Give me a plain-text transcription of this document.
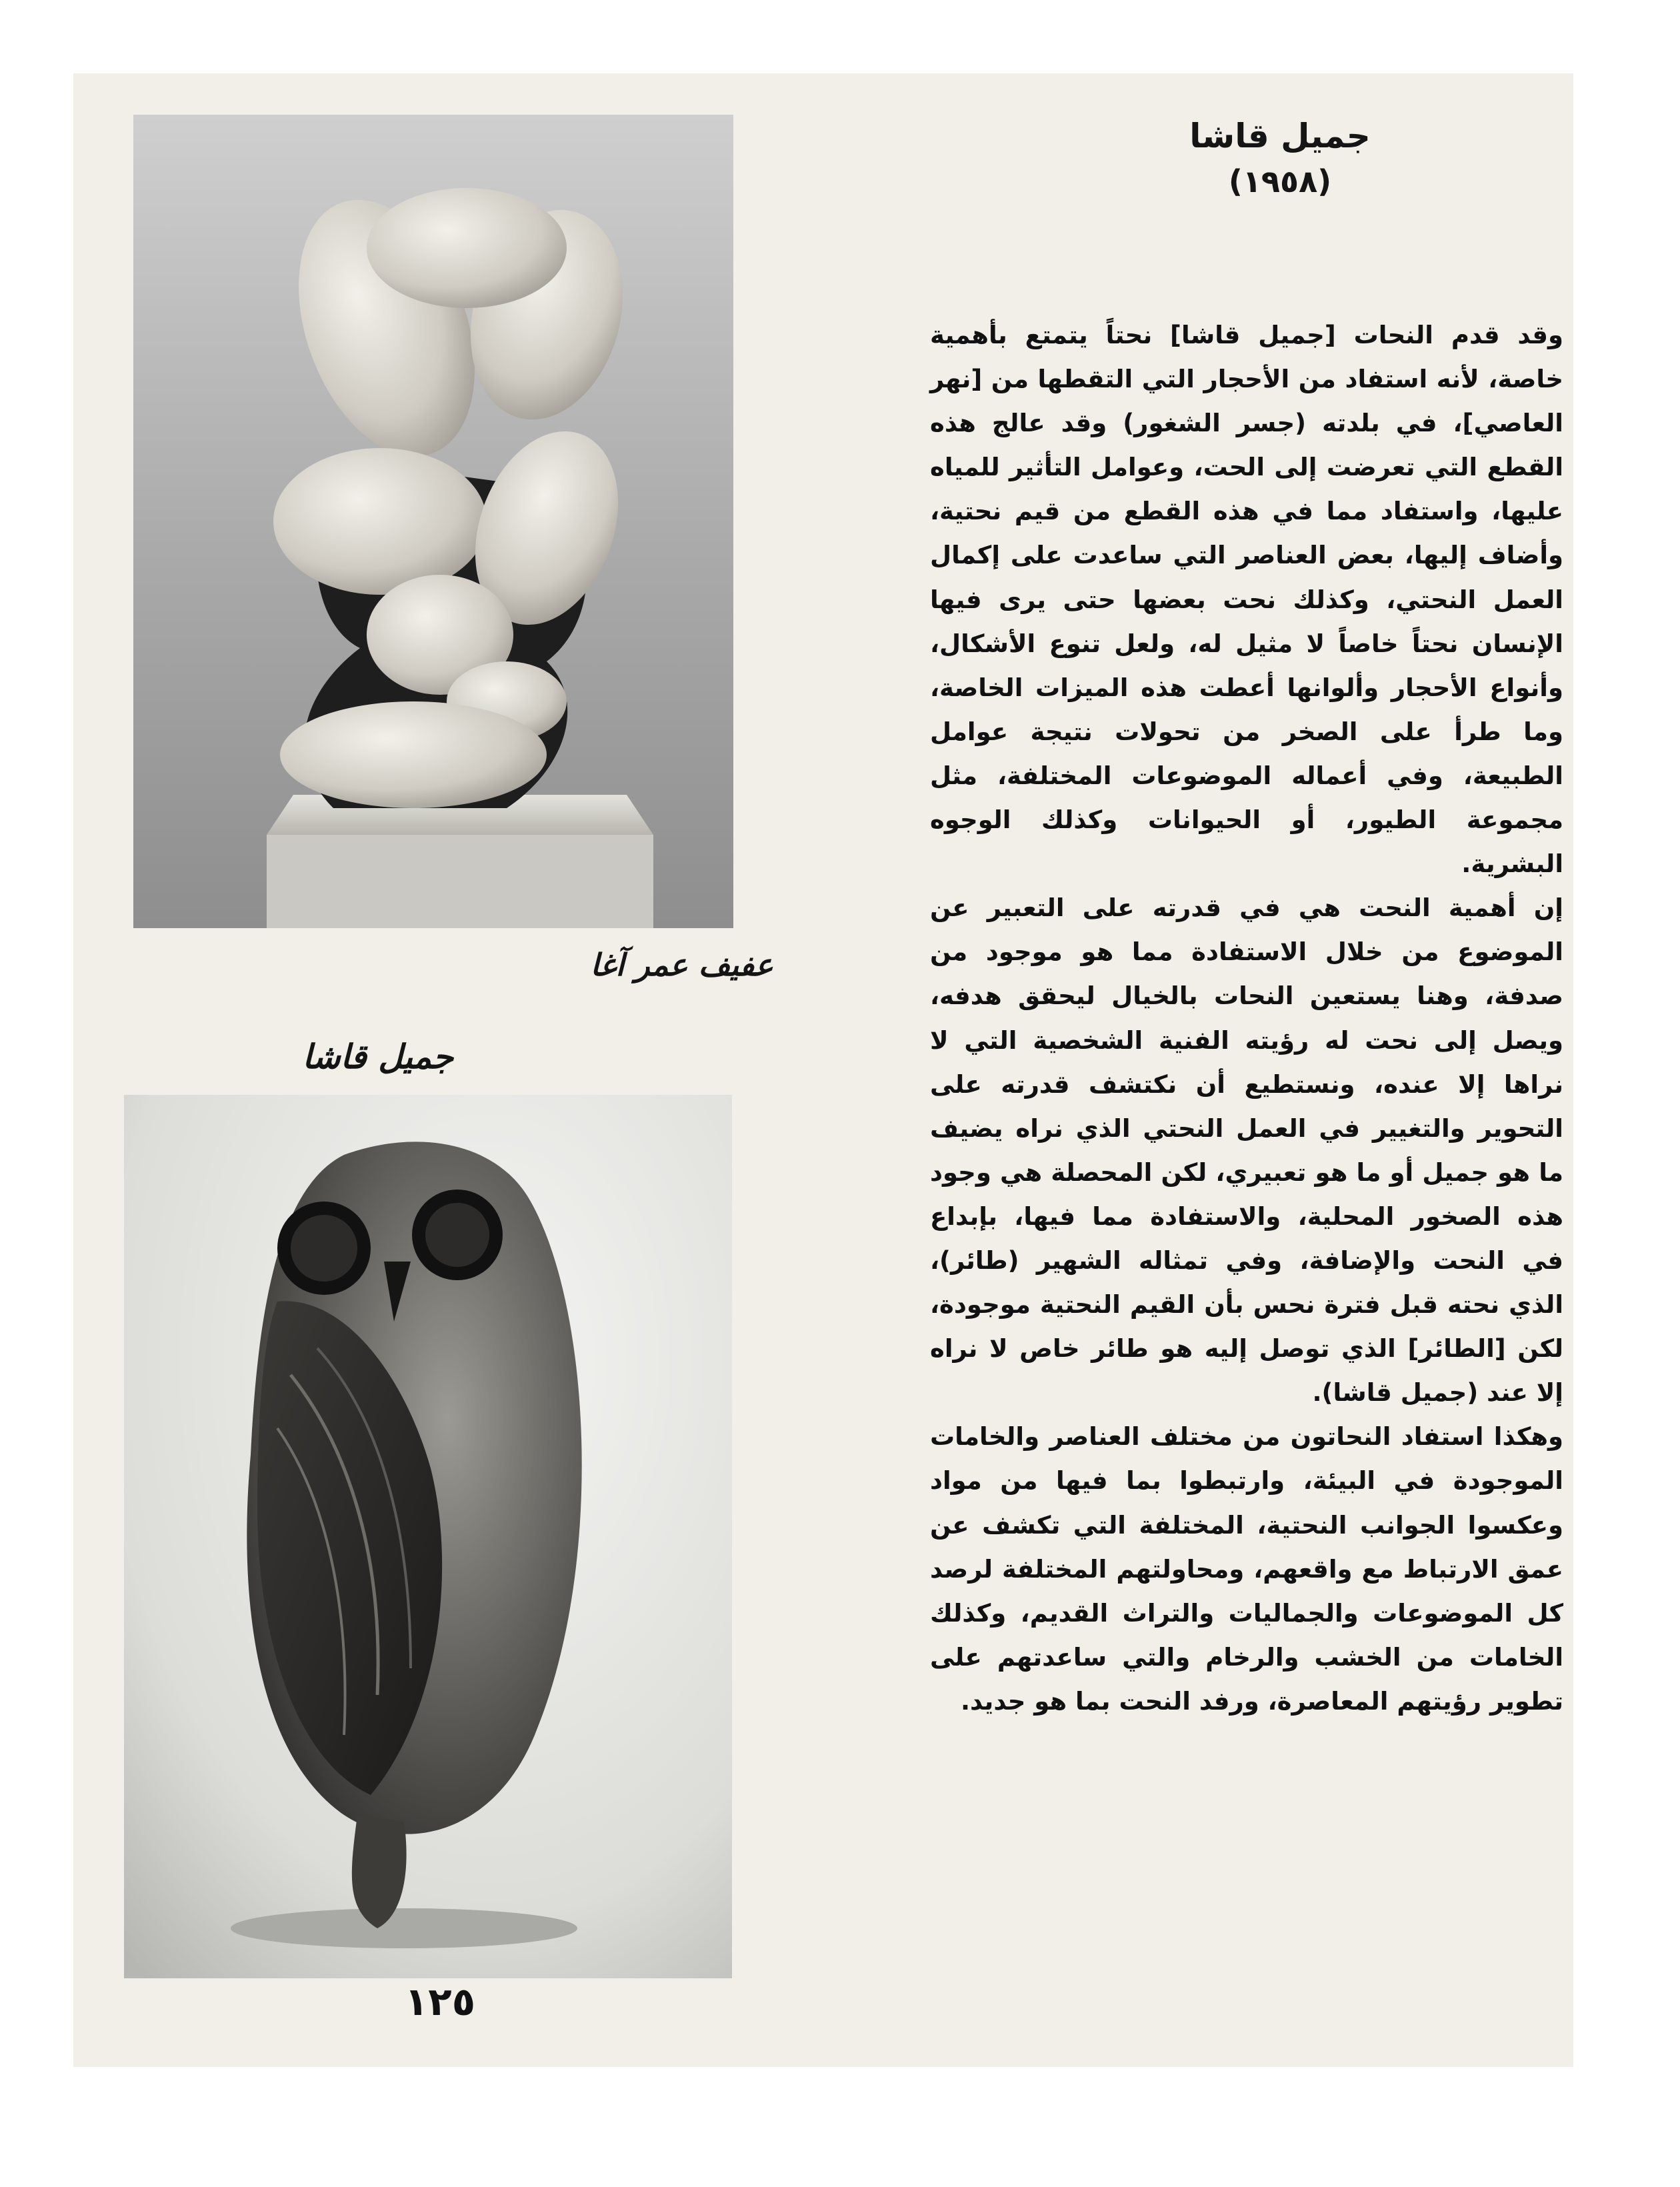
جميل قاشا
(١٩٥٨)

وقد قدم النحات [جميل قاشا] نحتاً يتمتع بأهمية خاصة، لأنه استفاد من الأحجار التي التقطها من [نهر العاصي]، في بلدته (جسر الشغور) وقد عالج هذه القطع التي تعرضت إلى الحت، وعوامل التأثير للمياه عليها، واستفاد مما في هذه القطع من قيم نحتية، وأضاف إليها، بعض العناصر التي ساعدت على إكمال العمل النحتي، وكذلك نحت بعضها حتى يرى فيها الإنسان نحتاً خاصاً لا مثيل له، ولعل تنوع الأشكال، وأنواع الأحجار وألوانها أعطت هذه الميزات الخاصة، وما طرأ على الصخر من تحولات نتيجة عوامل الطبيعة، وفي أعماله الموضوعات المختلفة، مثل مجموعة الطيور، أو الحيوانات وكذلك الوجوه البشرية.

إن أهمية النحت هي في قدرته على التعبير عن الموضوع من خلال الاستفادة مما هو موجود من صدفة، وهنا يستعين النحات بالخيال ليحقق هدفه، ويصل إلى نحت له رؤيته الفنية الشخصية التي لا نراها إلا عنده، ونستطيع أن نكتشف قدرته على التحوير والتغيير في العمل النحتي الذي نراه يضيف ما هو جميل أو ما هو تعبيري، لكن المحصلة هي وجود هذه الصخور المحلية، والاستفادة مما فيها، بإبداع في النحت والإضافة، وفي تمثاله الشهير (طائر)، الذي نحته قبل فترة نحس بأن القيم النحتية موجودة، لكن [الطائر] الذي توصل إليه هو طائر خاص لا نراه إلا عند (جميل قاشا).

وهكذا استفاد النحاتون من مختلف العناصر والخامات الموجودة في البيئة، وارتبطوا بما فيها من مواد وعكسوا الجوانب النحتية، المختلفة التي تكشف عن عمق الارتباط مع واقعهم، ومحاولتهم المختلفة لرصد كل الموضوعات والجماليات والتراث القديم، وكذلك الخامات من الخشب والرخام والتي ساعدتهم على تطوير رؤيتهم المعاصرة، ورفد النحت بما هو جديد.

عفيف عمر آغا
جميل قاشا
١٢٥
